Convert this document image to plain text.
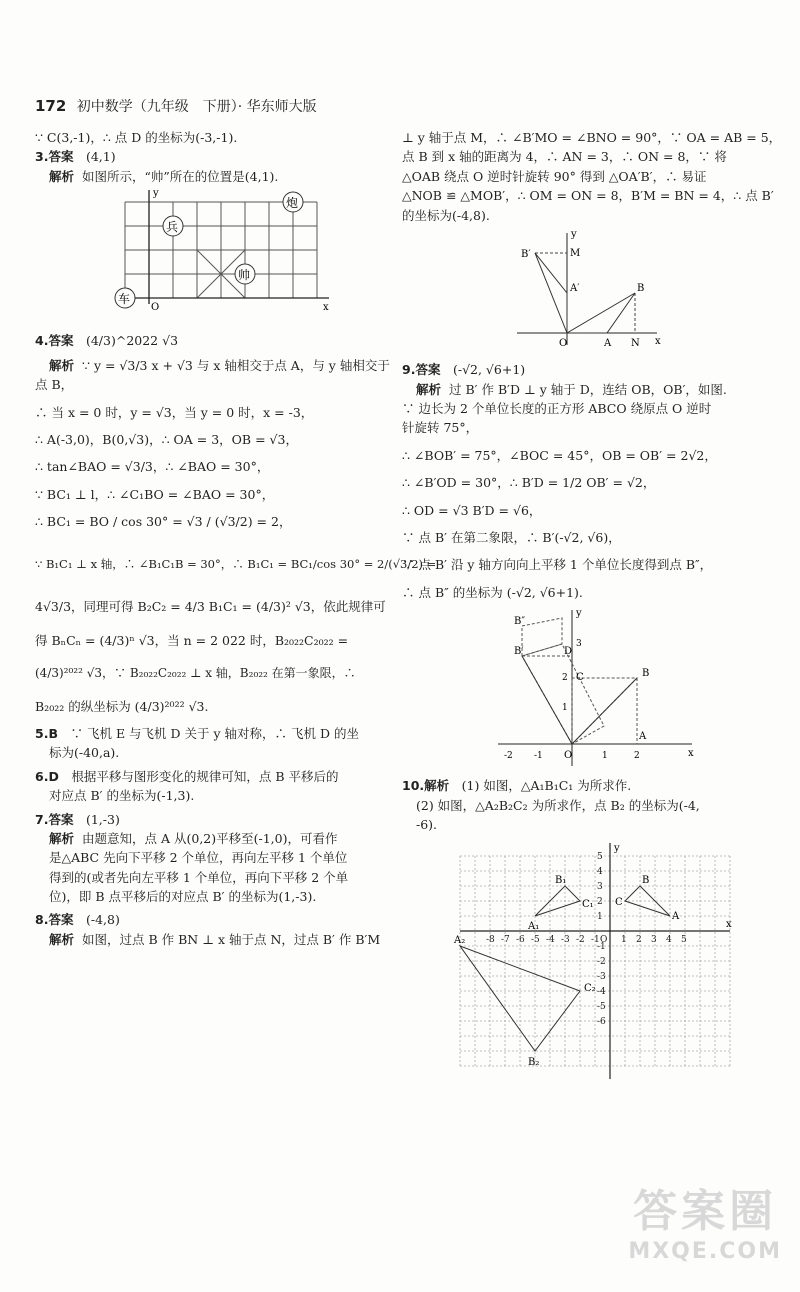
172 初中数学（九年级　下册）· 华东师大版
∵ C(3,-1)，∴ 点 D 的坐标为(-3,-1).
3.答案　 (4,1)
解析 如图所示，“帅”所在的位置是(4,1).
y
x
O
兵
帅
炮
车
4.答案　 (4/3)^2022 √3
解析 ∵ y = √3/3 x + √3 与 x 轴相交于点 A，与 y 轴相交于
点 B，
∴ 当 x = 0 时，y = √3，当 y = 0 时，x = -3，
∴ A(-3,0)，B(0,√3)，∴ OA = 3，OB = √3，
∴ tan∠BAO = √3/3，∴ ∠BAO = 30°，
∵ BC₁ ⊥ l，∴ ∠C₁BO = ∠BAO = 30°，
∴ BC₁ = BO / cos 30° = √3 / (√3/2) = 2，
∵ B₁C₁ ⊥ x 轴，∴ ∠B₁C₁B = 30°，∴ B₁C₁ = BC₁/cos 30° = 2/(√3/2) =
4√3/3，同理可得 B₂C₂ = 4/3 B₁C₁ = (4/3)² √3，依此规律可
得 BₙCₙ = (4/3)ⁿ √3，当 n = 2 022 时，B₂₀₂₂C₂₀₂₂ =
(4/3)²⁰²² √3，∵ B₂₀₂₂C₂₀₂₂ ⊥ x 轴，B₂₀₂₂ 在第一象限，∴
B₂₀₂₂ 的纵坐标为 (4/3)²⁰²² √3.
5.B　 ∵ 飞机 E 与飞机 D 关于 y 轴对称，∴ 飞机 D 的坐
标为(-40,a).
6.D　 根据平移与图形变化的规律可知，点 B 平移后的
对应点 B′ 的坐标为(-1,3).
7.答案　 (1,-3)
解析 由题意知，点 A 从(0,2)平移至(-1,0)，可看作
是△ABC 先向下平移 2 个单位，再向左平移 1 个单位
得到的(或者先向左平移 1 个单位，再向下平移 2 个单
位)，即 B 点平移后的对应点 B′ 的坐标为(1,-3).
8.答案　 (-4,8)
解析 如图，过点 B 作 BN ⊥ x 轴于点 N，过点 B′ 作 B′M
⊥ y 轴于点 M，∴ ∠B′MO = ∠BNO = 90°，∵ OA = AB = 5，
点 B 到 x 轴的距离为 4，∴ AN = 3，∴ ON = 8，∵ 将
△OAB 绕点 O 逆时针旋转 90° 得到 △OA′B′，∴ 易证
△NOB ≌ △MOB′，∴ OM = ON = 8，B′M = BN = 4，∴ 点 B′
的坐标为(-4,8).
y
x
B′	M
A′	B
O	A N
9.答案　 (-√2, √6+1)
解析 过 B′ 作 B′D ⊥ y 轴于 D，连结 OB，OB′，如图.
∵ 边长为 2 个单位长度的正方形 ABCO 绕原点 O 逆时
针旋转 75°，
∴ ∠BOB′ = 75°，∠BOC = 45°，OB = OB′ = 2√2，
∴ ∠B′OD = 30°，∴ B′D = 1/2 OB′ = √2，
∴ OD = √3 B′D = √6，
∵ 点 B′ 在第二象限，∴ B′(-√2, √6)，
∵ 点 B′ 沿 y 轴方向向上平移 1 个单位长度得到点 B″，
∴ 点 B″ 的坐标为 (-√2, √6+1).
y
x
B″
B′	D
C	B
A
O
1
2
3
1	2
-1
-2
10.解析　 (1) 如图，△A₁B₁C₁ 为所求作.
(2) 如图，△A₂B₂C₂ 为所求作，点 B₂ 的坐标为(-4,
-6).
y
x
-8 -7 -6 -5 -4 -3 -2 -1 1 2 3 4 5
O
5
4
3
2
1
-1
-2
-3
-4
-5
-6
B₁
A₁
C₁
B
C
A
A₂
C₂
B₂
答案圈
MXQE.COM
